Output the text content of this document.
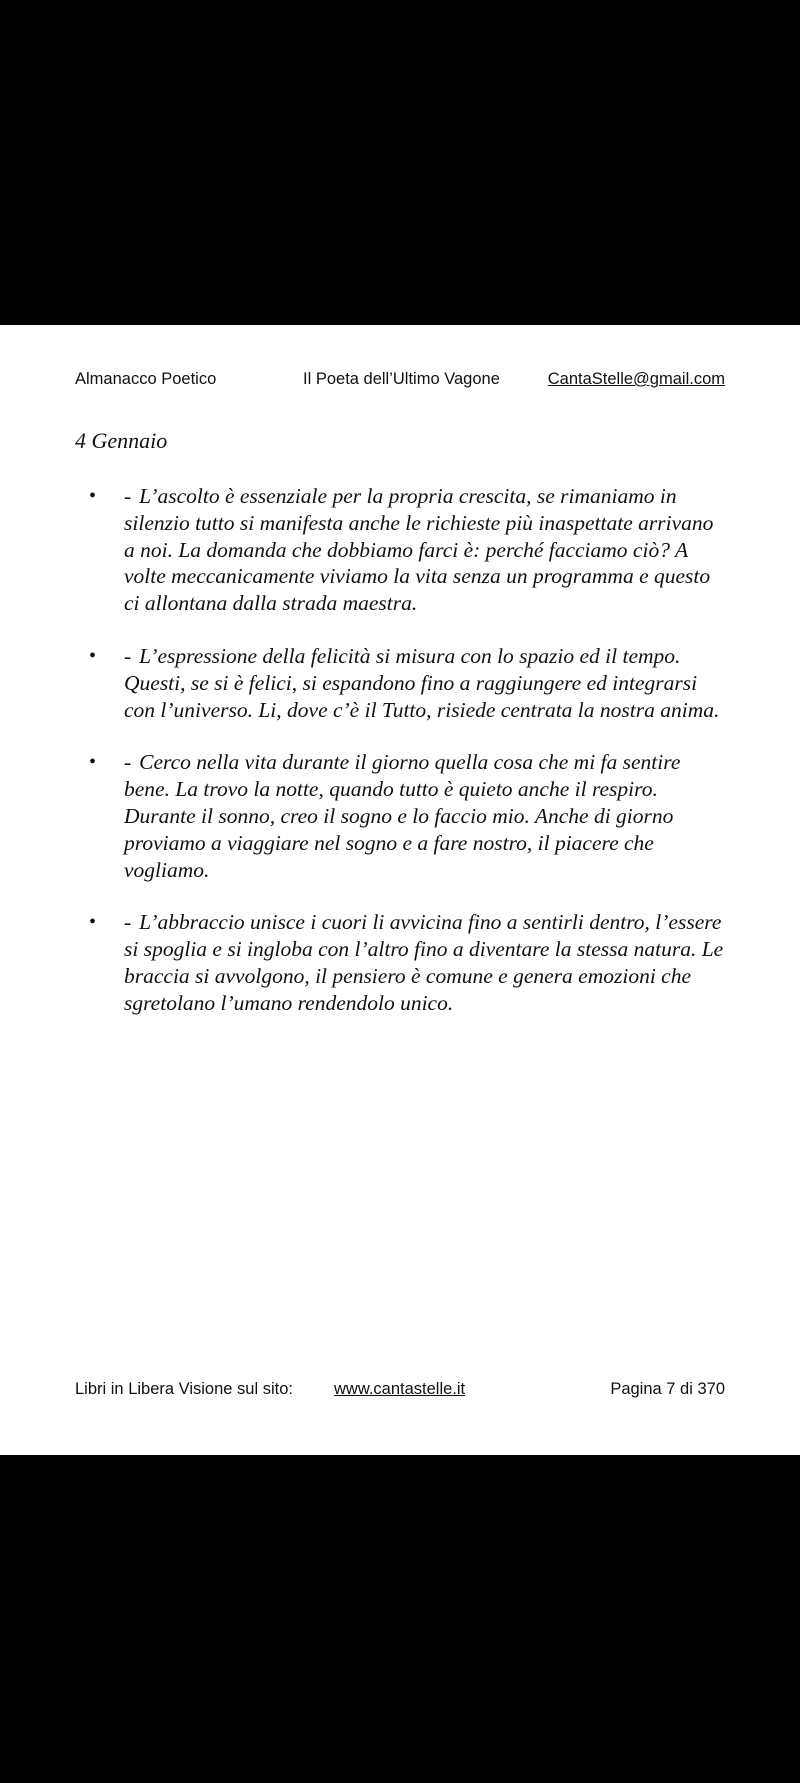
Almanacco Poetico	Il Poeta dell’Ultimo Vagone	CantaStelle@gmail.com
4 Gennaio
• - L’ascolto è essenziale per la propria crescita, se rimaniamo in silenzio tutto si manifesta anche le richieste più inaspettate arrivano a noi. La domanda che dobbiamo farci è: perché facciamo ciò? A volte meccanicamente viviamo la vita senza un programma e questo ci allontana dalla strada maestra.
• - L’espressione della felicità si misura con lo spazio ed il tempo. Questi, se si è felici, si espandono fino a raggiungere ed integrarsi con l’universo. Li, dove c’è il Tutto, risiede centrata la nostra anima.
• - Cerco nella vita durante il giorno quella cosa che mi fa sentire bene. La trovo la notte, quando tutto è quieto anche il respiro. Durante il sonno, creo il sogno e lo faccio mio. Anche di giorno proviamo a viaggiare nel sogno e a fare nostro, il piacere che vogliamo.
• - L’abbraccio unisce i cuori li avvicina fino a sentirli dentro, l’essere si spoglia e si ingloba con l’altro fino a diventare la stessa natura. Le braccia si avvolgono, il pensiero è comune e genera emozioni che sgretolano l’umano rendendolo unico.
Libri in Libera Visione sul sito: www.cantastelle.it	Pagina 7 di 370
